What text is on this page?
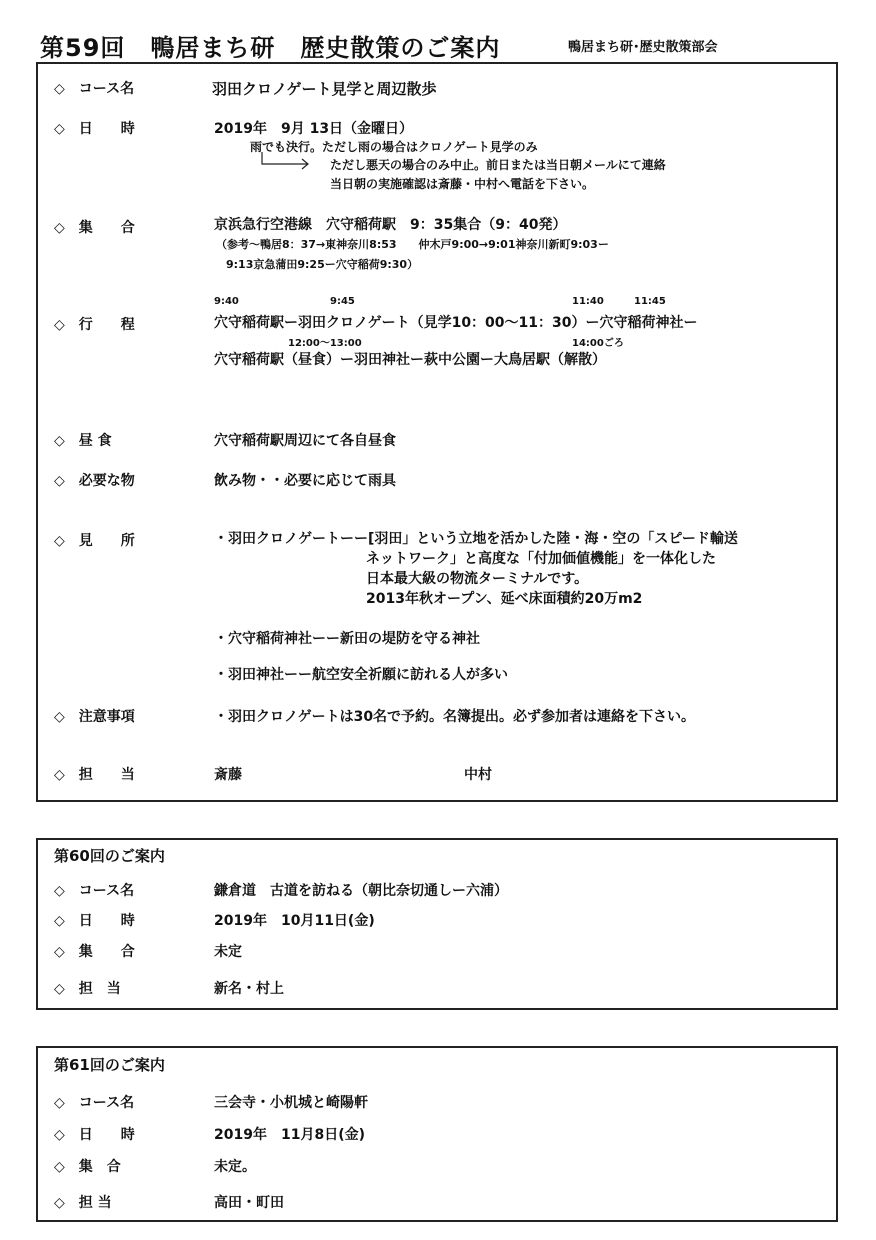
第59回　鴨居まち研　歴史散策のご案内	鴨居まち研･歴史散策部会
◇ コース名	羽田クロノゲート見学と周辺散歩
◇ 日　　時	2019年　9月 13日（金曜日）
雨でも決行。ただし雨の場合はクロノゲート見学のみ
ただし悪天の場合のみ中止。前日または当日朝メールにて連絡
当日朝の実施確認は斎藤・中村へ電話を下さい。
◇ 集　　合	京浜急行空港線　穴守稲荷駅　9：35集合（9：40発）
（参考～鴨居8：37→東神奈川8:53　　仲木戸9:00→9:01神奈川新町9:03ー
9:13京急蒲田9:25ー穴守稲荷9:30）
9:40	9:45	11:40	11:45
◇ 行　　程	穴守稲荷駅ー羽田クロノゲート（見学10：00～11：30）ー穴守稲荷神社ー
12:00～13:00	14:00ごろ
穴守稲荷駅（昼食）ー羽田神社ー萩中公園ー大鳥居駅（解散）
◇ 昼 食	穴守稲荷駅周辺にて各自昼食
◇ 必要な物	飲み物・・必要に応じて雨具
◇ 見　　所	・羽田クロノゲートーー[羽田」という立地を活かした陸・海・空の「スピード輸送
ネットワーク」と高度な「付加価値機能」を一体化した
日本最大級の物流ターミナルです。
2013年秋オープン、延べ床面積約20万m2
・穴守稲荷神社ーー新田の堤防を守る神社
・羽田神社ーー航空安全祈願に訪れる人が多い
◇ 注意事項	・羽田クロノゲートは30名で予約。名簿提出。必ず参加者は連絡を下さい。
◇ 担　　当	斎藤	中村
第60回のご案内
◇ コース名	鎌倉道　古道を訪ねる（朝比奈切通しー六浦）
◇ 日　　時	2019年　10月11日(金)
◇ 集　　合	未定
◇ 担　当	新名・村上
第61回のご案内
◇ コース名	三会寺・小机城と崎陽軒
◇ 日　　時	2019年　11月8日(金)
◇ 集　合	未定。
◇ 担 当	高田・町田
